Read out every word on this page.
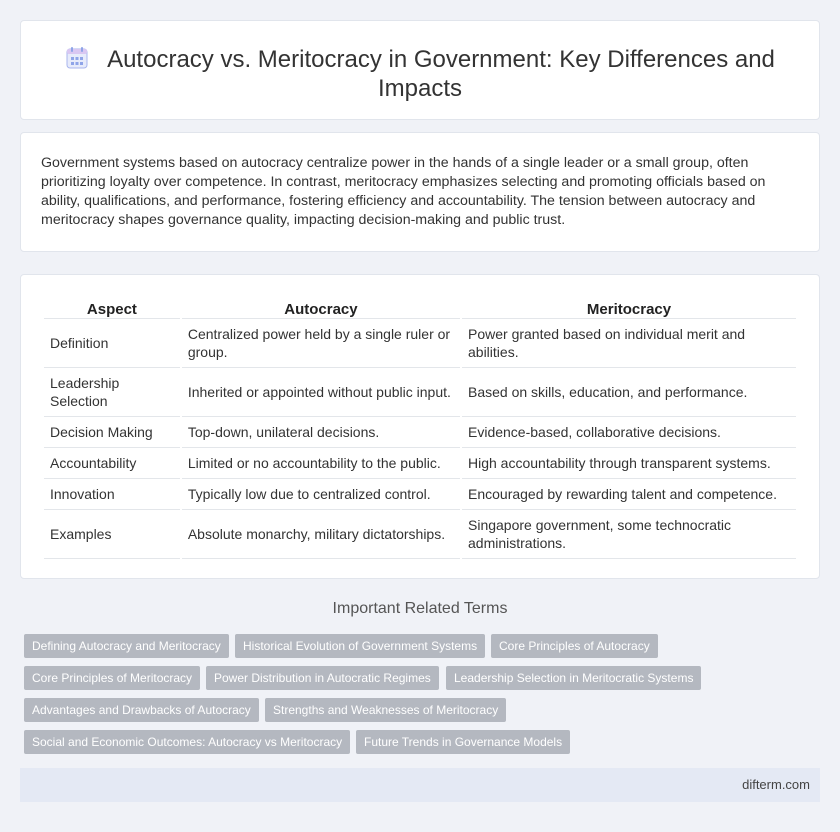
Autocracy vs. Meritocracy in Government: Key Differences and Impacts

Government systems based on autocracy centralize power in the hands of a single leader or a small group, often prioritizing loyalty over competence. In contrast, meritocracy emphasizes selecting and promoting officials based on ability, qualifications, and performance, fostering efficiency and accountability. The tension between autocracy and meritocracy shapes governance quality, impacting decision-making and public trust.

Aspect	Autocracy	Meritocracy
Definition	Centralized power held by a single ruler or group.	Power granted based on individual merit and abilities.
Leadership Selection	Inherited or appointed without public input.	Based on skills, education, and performance.
Decision Making	Top-down, unilateral decisions.	Evidence-based, collaborative decisions.
Accountability	Limited or no accountability to the public.	High accountability through transparent systems.
Innovation	Typically low due to centralized control.	Encouraged by rewarding talent and competence.
Examples	Absolute monarchy, military dictatorships.	Singapore government, some technocratic administrations.
Important Related Terms
Defining Autocracy and Meritocracy	Historical Evolution of Government Systems	Core Principles of Autocracy
Core Principles of Meritocracy	Power Distribution in Autocratic Regimes	Leadership Selection in Meritocratic Systems
Advantages and Drawbacks of Autocracy	Strengths and Weaknesses of Meritocracy
Social and Economic Outcomes: Autocracy vs Meritocracy	Future Trends in Governance Models
difterm.com
